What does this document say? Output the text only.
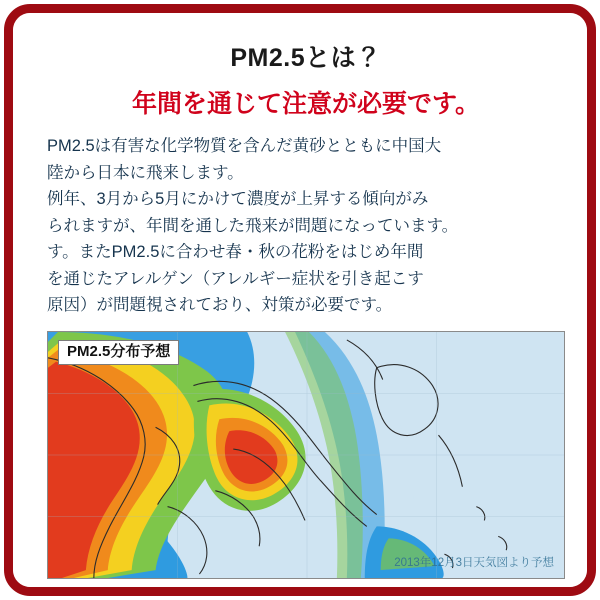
PM2.5とは？
年間を通じて注意が必要です。

PM2.5は有害な化学物質を含んだ黄砂とともに中国大

陸から日本に飛来します。

例年、3月から5月にかけて濃度が上昇する傾向がみ

られますが、年間を通した飛来が問題になっています。

す。またPM2.5に合わせ春・秋の花粉をはじめ年間

を通じたアレルゲン（アレルギー症状を引き起こす

原因）が問題視されており、対策が必要です。

PM2.5分布予想
2013年12月3日天気図より予想
